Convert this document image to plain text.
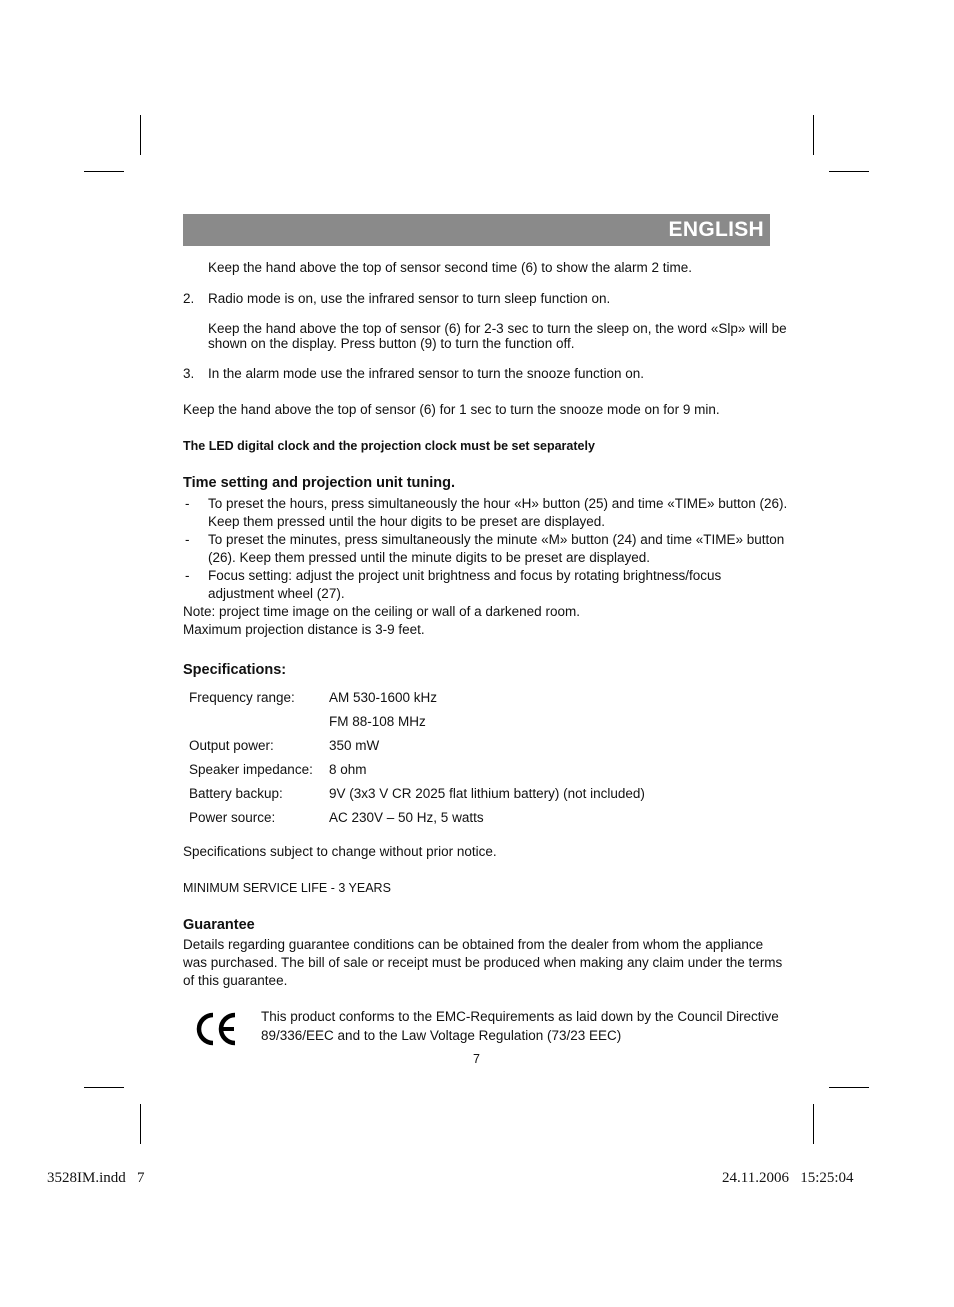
ENGLISH
Keep the hand above the top of sensor second time (6) to show the alarm 2 time.
2. Radio mode is on, use the infrared sensor to turn sleep function on.
Keep the hand above the top of sensor (6) for 2-3 sec to turn the sleep on, the word «Slp» will be
shown on the display. Press button (9) to turn the function off.
3. In the alarm mode use the infrared sensor to turn the snooze function on.
Keep the hand above the top of sensor (6) for 1 sec to turn the snooze mode on for 9 min.
The LED digital clock and the projection clock must be set separately
Time setting and projection unit tuning.
- To preset the hours, press simultaneously the hour «H» button (25) and time «TIME» button (26).
Keep them pressed until the hour digits to be preset are displayed.
- To preset the minutes, press simultaneously the minute «M» button (24) and time «TIME» button
(26). Keep them pressed until the minute digits to be preset are displayed.
- Focus setting: adjust the project unit brightness and focus by rotating brightness/focus
adjustment wheel (27).
Note: project time image on the ceiling or wall of a darkened room.
Maximum projection distance is 3-9 feet.
Specifications:
Frequency range:	AM 530-1600 kHz
FM 88-108 MHz
Output power:	350 mW
Speaker impedance: 8 ohm
Battery backup:	9V (3x3 V CR 2025 flat lithium battery) (not included)
Power source:	AC 230V – 50 Hz, 5 watts
Specifications subject to change without prior notice.
MINIMUM SERVICE LIFE - 3 YEARS
Guarantee
Details regarding guarantee conditions can be obtained from the dealer from whom the appliance
was purchased. The bill of sale or receipt must be produced when making any claim under the terms
of this guarantee.
This product conforms to the EMC-Requirements as laid down by the Council Directive
89/336/EEC and to the Law Voltage Regulation (73/23 EEC)
7
3528IM.indd   7	24.11.2006   15:25:04
